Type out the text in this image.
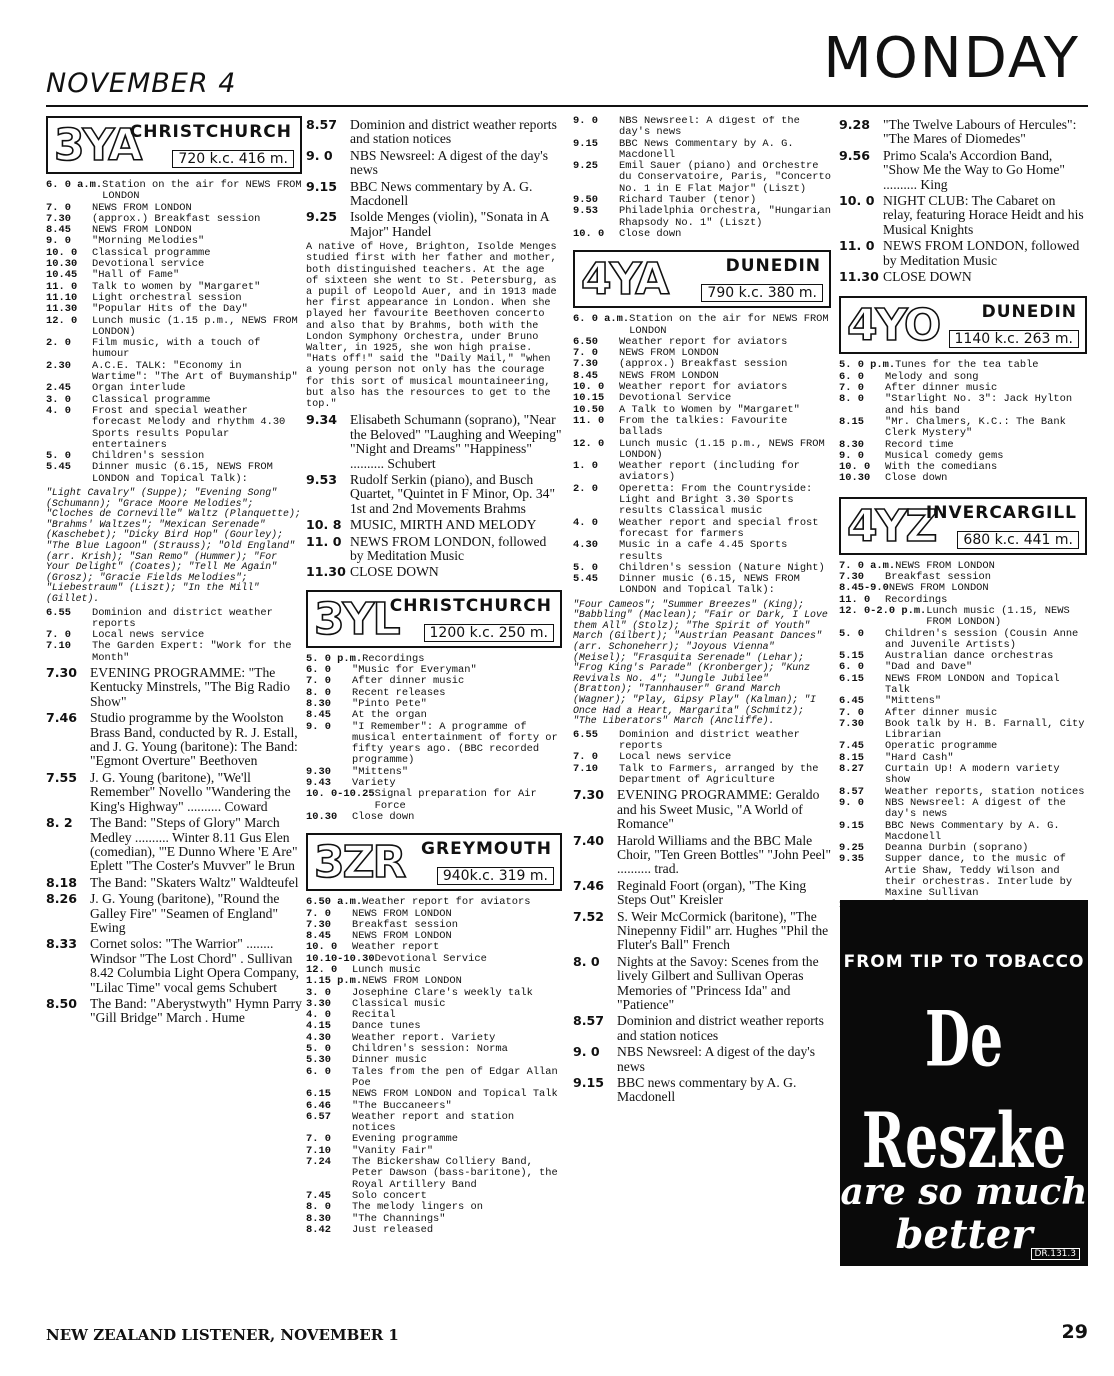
NOVEMBER 4	MONDAY
3YA
CHRISTCHURCH
720 k.c. 416 m.
6. 0 a.m. Station on the air for NEWS FROM LONDON
7. 0	NEWS FROM LONDON
7.30	(approx.) Breakfast session
8.45	NEWS FROM LONDON
9. 0	"Morning Melodies"
10. 0	Classical programme
10.30	Devotional service
10.45	"Hall of Fame"
11. 0	Talk to women by "Margaret"
11.10	Light orchestral session
11.30	"Popular Hits of the Day"
12. 0	Lunch music (1.15 p.m., NEWS FROM LONDON)
2. 0	Film music, with a touch of humour
2.30	A.C.E. TALK: "Economy in Wartime": "The Art of Buymanship"
2.45	Organ interlude
3. 0	Classical programme
4. 0	Frost and special weather forecast Melody and rhythm 4.30 Sports results Popular entertainers
5. 0	Children's session
5.45	Dinner music (6.15, NEWS FROM LONDON and Topical Talk):
"Light Cavalry" (Suppe); "Evening Song" (Schumann); "Grace Moore Melodies"; "Cloches de Corneville" Waltz (Planquette); "Brahms' Waltzes"; "Mexican Serenade" (Kaschebet); "Dicky Bird Hop" (Gourley); "The Blue Lagoon" (Strauss); "Old England" (arr. Krish); "San Remo" (Hummer); "For Your Delight" (Coates); "Tell Me Again" (Grosz); "Gracie Fields Melodies"; "Liebestraum" (Liszt); "In the Mill" (Gillet).
6.55	Dominion and district weather reports
7. 0	Local news service
7.10	The Garden Expert: "Work for the Month"
7.30 EVENING PROGRAMME: "The Kentucky Minstrels, "The Big Radio Show"
7.46 Studio programme by the Woolston Brass Band, conducted by R. J. Estall, and J. G. Young (baritone): The Band: "Egmont Overture" Beethoven
7.55 J. G. Young (baritone), "We'll Remember" Novello "Wandering the King's Highway" .......... Coward
8. 2	The Band: "Steps of Glory" March Medley .......... Winter 8.11 Gus Elen (comedian), "'E Dunno Where 'E Are" Eplett "The Coster's Muvver" le Brun
8.18 The Band: "Skaters Waltz" Waldteufel
8.26 J. G. Young (baritone), "Round the Galley Fire" "Seamen of England" Ewing
8.33 Cornet solos: "The Warrior" ........ Windsor "The Lost Chord" . Sullivan 8.42 Columbia Light Opera Company, "Lilac Time" vocal gems Schubert
8.50 The Band: "Aberystwyth" Hymn Parry "Gill Bridge" March . Hume
8.57 Dominion and district weather reports and station notices
9. 0	NBS Newsreel: A digest of the day's news
9.15 BBC News commentary by A. G. Macdonell
9.25 Isolde Menges (violin), "Sonata in A Major" Handel
A native of Hove, Brighton, Isolde Menges studied first with her father and mother, both distinguished teachers. At the age of sixteen she went to St. Petersburg, as a pupil of Leopold Auer, and in 1913 made her first appearance in London. When she played her favourite Beethoven concerto and also that by Brahms, both with the London Symphony Orchestra, under Bruno Walter, in 1925, she won high praise. "Hats off!" said the "Daily Mail," "when a young person not only has the courage for this sort of musical mountaineering, but also has the resources to get to the top."
9.34 Elisabeth Schumann (soprano), "Near the Beloved" "Laughing and Weeping" "Night and Dreams" "Happiness" .......... Schubert
9.53 Rudolf Serkin (piano), and Busch Quartet, "Quintet in F Minor, Op. 34" 1st and 2nd Movements Brahms
10. 8 MUSIC, MIRTH AND MELODY
11. 0 NEWS FROM LONDON, followed by Meditation Music
11.30 CLOSE DOWN
3YL
CHRISTCHURCH
1200 k.c. 250 m.
5. 0 p.m. Recordings
6. 0	"Music for Everyman"
7. 0	After dinner music
8. 0	Recent releases
8.30	"Pinto Pete"
8.45	At the organ
9. 0	"I Remember": A programme of musical entertainment of forty or fifty years ago. (BBC recorded programme)
9.30	"Mittens"
9.43	Variety
10. 0-10.25 Signal preparation for Air Force
10.30	Close down
3ZR GREYMOUTH
940k.c. 319 m.
6.50 a.m. Weather report for aviators
7. 0	NEWS FROM LONDON
7.30	Breakfast session
8.45	NEWS FROM LONDON
10. 0	Weather report
10.10-10.30 Devotional Service
12. 0	Lunch music
1.15 p.m. NEWS FROM LONDON
3. 0	Josephine Clare's weekly talk
3.30	Classical music
4. 0	Recital
4.15	Dance tunes
4.30	Weather report. Variety
5. 0	Children's session: Norma
5.30	Dinner music
6. 0	Tales from the pen of Edgar Allan Poe
6.15	NEWS FROM LONDON and Topical Talk
6.46	"The Buccaneers"
6.57	Weather report and station notices
7. 0	Evening programme
7.10	"Vanity Fair"
7.24	The Bickershaw Colliery Band, Peter Dawson (bass-baritone), the Royal Artillery Band
7.45	Solo concert
8. 0	The melody lingers on
8.30	"The Channings"
8.42	Just released
9. 0	NBS Newsreel: A digest of the day's news
9.15	BBC News Commentary by A. G. Macdonell
9.25	Emil Sauer (piano) and Orchestre du Conservatoire, Paris, "Concerto No. 1 in E Flat Major" (Liszt)
9.50	Richard Tauber (tenor)
9.53	Philadelphia Orchestra, "Hungarian Rhapsody No. 1" (Liszt)
10. 0	Close down
4YA	DUNEDIN
790 k.c. 380 m.
6. 0 a.m. Station on the air for NEWS FROM LONDON
6.50	Weather report for aviators
7. 0	NEWS FROM LONDON
7.30	(approx.) Breakfast session
8.45	NEWS FROM LONDON
10. 0	Weather report for aviators
10.15	Devotional Service
10.50	A Talk to Women by "Margaret"
11. 0	From the talkies: Favourite ballads
12. 0	Lunch music (1.15 p.m., NEWS FROM LONDON)
1. 0	Weather report (including for aviators)
2. 0	Operetta: From the Countryside: Light and Bright 3.30 Sports results Classical music
4. 0	Weather report and special frost forecast for farmers
4.30	Music in a cafe 4.45 Sports results
5. 0	Children's session (Nature Night)
5.45	Dinner music (6.15, NEWS FROM LONDON and Topical Talk):
"Four Cameos"; "Summer Breezes" (King); "Babbling" (Maclean); "Fair or Dark, I Love them All" (Stolz); "The Spirit of Youth" March (Gilbert); "Austrian Peasant Dances" (arr. Schoneherr); "Joyous Vienna" (Meisel); "Frasquita Serenade" (Lehar); "Frog King's Parade" (Kronberger); "Kunz Revivals No. 4"; "Jungle Jubilee" (Bratton); "Tannhauser" Grand March (Wagner); "Play, Gipsy Play" (Kalman); "I Once Had a Heart, Margarita" (Schmitz); "The Liberators" March (Ancliffe).
6.55	Dominion and district weather reports
7. 0	Local news service
7.10	Talk to Farmers, arranged by the Department of Agriculture
7.30 EVENING PROGRAMME: Geraldo and his Sweet Music, "A World of Romance"
7.40 Harold Williams and the BBC Male Choir, "Ten Green Bottles" "John Peel" .......... trad.
7.46 Reginald Foort (organ), "The King Steps Out" Kreisler
7.52 S. Weir McCormick (baritone), "The Ninepenny Fidil" arr. Hughes "Phil the Fluter's Ball" French
8. 0	Nights at the Savoy: Scenes from the lively Gilbert and Sullivan Operas Memories of "Princess Ida" and "Patience"
8.57 Dominion and district weather reports and station notices
9. 0	NBS Newsreel: A digest of the day's news
9.15 BBC news commentary by A. G. Macdonell
9.28 "The Twelve Labours of Hercules": "The Mares of Diomedes"
9.56 Primo Scala's Accordion Band, "Show Me the Way to Go Home" .......... King
10. 0 NIGHT CLUB: The Cabaret on relay, featuring Horace Heidt and his Musical Knights
11. 0 NEWS FROM LONDON, followed by Meditation Music
11.30 CLOSE DOWN
4YO DUNEDIN
1140 k.c. 263 m.
5. 0 p.m. Tunes for the tea table
6. 0	Melody and song
7. 0	After dinner music
8. 0	"Starlight No. 3": Jack Hylton and his band
8.15	"Mr. Chalmers, K.C.: The Bank Clerk Mystery"
8.30	Record time
9. 0	Musical comedy gems
10. 0	With the comedians
10.30	Close down
4YZ
INVERCARGILL
680 k.c. 441 m.
7. 0 a.m. NEWS FROM LONDON
7.30	Breakfast session
8.45-9.0 NEWS FROM LONDON
11. 0	Recordings
12. 0-2.0 p.m. Lunch music (1.15, NEWS FROM LONDON)
5. 0	Children's session (Cousin Anne and Juvenile Artists)
5.15	Australian dance orchestras
6. 0	"Dad and Dave"
6.15	NEWS FROM LONDON and Topical Talk
6.45	"Mittens"
7. 0	After dinner music
7.30	Book talk by H. B. Farnall, City Librarian
7.45	Operatic programme
8.15	"Hard Cash"
8.27	Curtain Up! A modern variety show
8.57	Weather reports, station notices
9. 0	NBS Newsreel: A digest of the day's news
9.15	BBC News Commentary by A. G. Macdonell
9.25	Deanna Durbin (soprano)
9.35	Supper dance, to the music of Artie Shaw, Teddy Wilson and their orchestras. Interlude by Maxine Sullivan
FROM TIP TO TOBACCO
De Reszke
are so much
better DR.131.3
NEW ZEALAND LISTENER, NOVEMBER 1	29
